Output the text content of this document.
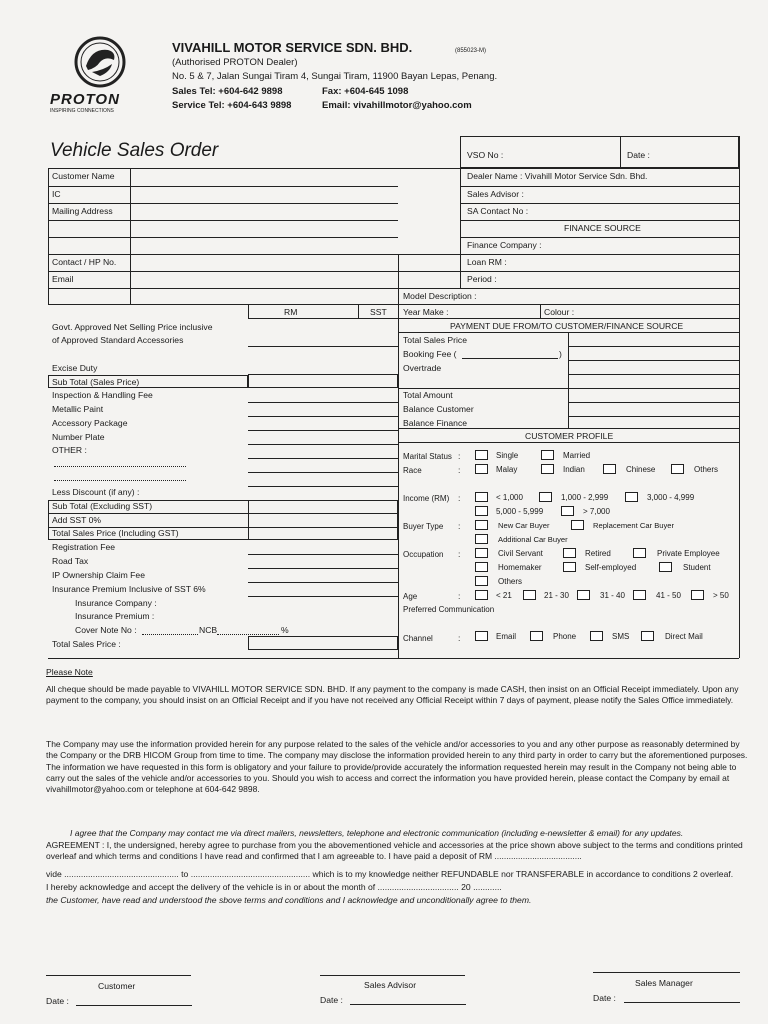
PROTON
INSPIRING CONNECTIONS
VIVAHILL MOTOR SERVICE SDN. BHD.	(855023-M)
(Authorised PROTON Dealer)
No. 5 & 7, Jalan Sungai Tiram 4, Sungai Tiram, 11900 Bayan Lepas, Penang.
Sales Tel: +604-642 9898	Fax: +604-645 1098
Service Tel: +604-643 9898	Email: vivahillmotor@yahoo.com
Vehicle Sales Order
Customer Name
IC
Mailing Address
Contact / HP No.
Email
VSO No :	Date :
Dealer Name : Vivahill Motor Service Sdn. Bhd.
Sales Advisor :
SA Contact No :
FINANCE SOURCE
Finance Company :
Loan RM :
Period :
Model Description :
Year Make :	Colour :
RM	SST
Govt. Approved Net Selling Price inclusive
of Approved Standard Accessories
Excise Duty
Sub Total (Sales Price)
Inspection & Handling Fee
Metallic Paint
Accessory Package
Number Plate
OTHER :
Less Discount (if any) :
Sub Total (Excluding SST)
Add SST 0%
Total Sales Price (Including GST)
Registration Fee
Road Tax
IP Ownership Claim Fee
Insurance Premium Inclusive of SST 6%
Insurance Company :
Insurance Premium :
Cover Note No :	NCB	%
Total Sales Price :
PAYMENT DUE FROM/TO CUSTOMER/FINANCE SOURCE
Total Sales Price
Booking Fee (	)
Overtrade
Total Amount
Balance Customer
Balance Finance
CUSTOMER PROFILE
Marital Status :	Single	Married
Race	:	Malay	Indian	Chinese	Others
Income (RM) :	< 1,000	1,000 - 2,999	3,000 - 4,999
5,000 - 5,999	> 7,000
Buyer Type :	New Car Buyer	Replacement Car Buyer
Additional Car Buyer
Occupation :	Civil Servant	Retired	Private Employee
Homemaker	Self-employed	Student
Others
Age	:	< 21	21 - 30	31 - 40	41 - 50	> 50
Preferred Communication
Channel	:	Email	Phone	SMS	Direct Mail
Please Note

All cheque should be made payable to VIVAHILL MOTOR SERVICE SDN. BHD. If any payment to the company is made CASH, then insist on an Official Receipt immediately. Upon any payment to the company, you should insist on an Official Receipt and if you have not received any Official Receipt within 7 days of payment, please notify the Sales Office immediately.

The Company may use the information provided herein for any purpose related to the sales of the vehicle and/or accessories to you and any other purpose as reasonably determined by the Company or the DRB HICOM Group from time to time. The company may disclose the information provided herein to any third party in order to carry but the aforementioned purposes. The information we have requested in this form is obligatory and your failure to provide/provide accurately the information requested herein may result in the Company not being able to carry out the sales of the vehicle and/or accessories to you. Should you wish to access and correct the information you have provided herein, please contact the Company by email at vivahillmotor@yahoo.com or telephone at 604-642 9898.

I agree that the Company may contact me via direct mailers, newsletters, telephone and electronic communication (including e-newsletter & email) for any updates.

AGREEMENT : I, the undersigned, hereby agree to purchase from you the abovementioned vehicle and accessories at the price shown above subject to the terms and conditions printed overleaf and which terms and conditions I have read and confirmed that I am agreeable to. I have paid a deposit of RM .....................................

vide ................................................ to .................................................. which is to my knowledge neither REFUNDABLE nor TRANSFERABLE in accordance to conditions 2 overleaf.
I hereby acknowledge and accept the delivery of the vehicle is in or about the month of .................................. 20 ............
the Customer, have read and understood the sbove terms and conditions and I acknowledge and unconditionally agree to them.
Customer
Date :
Sales Advisor
Date :
Sales Manager
Date :
